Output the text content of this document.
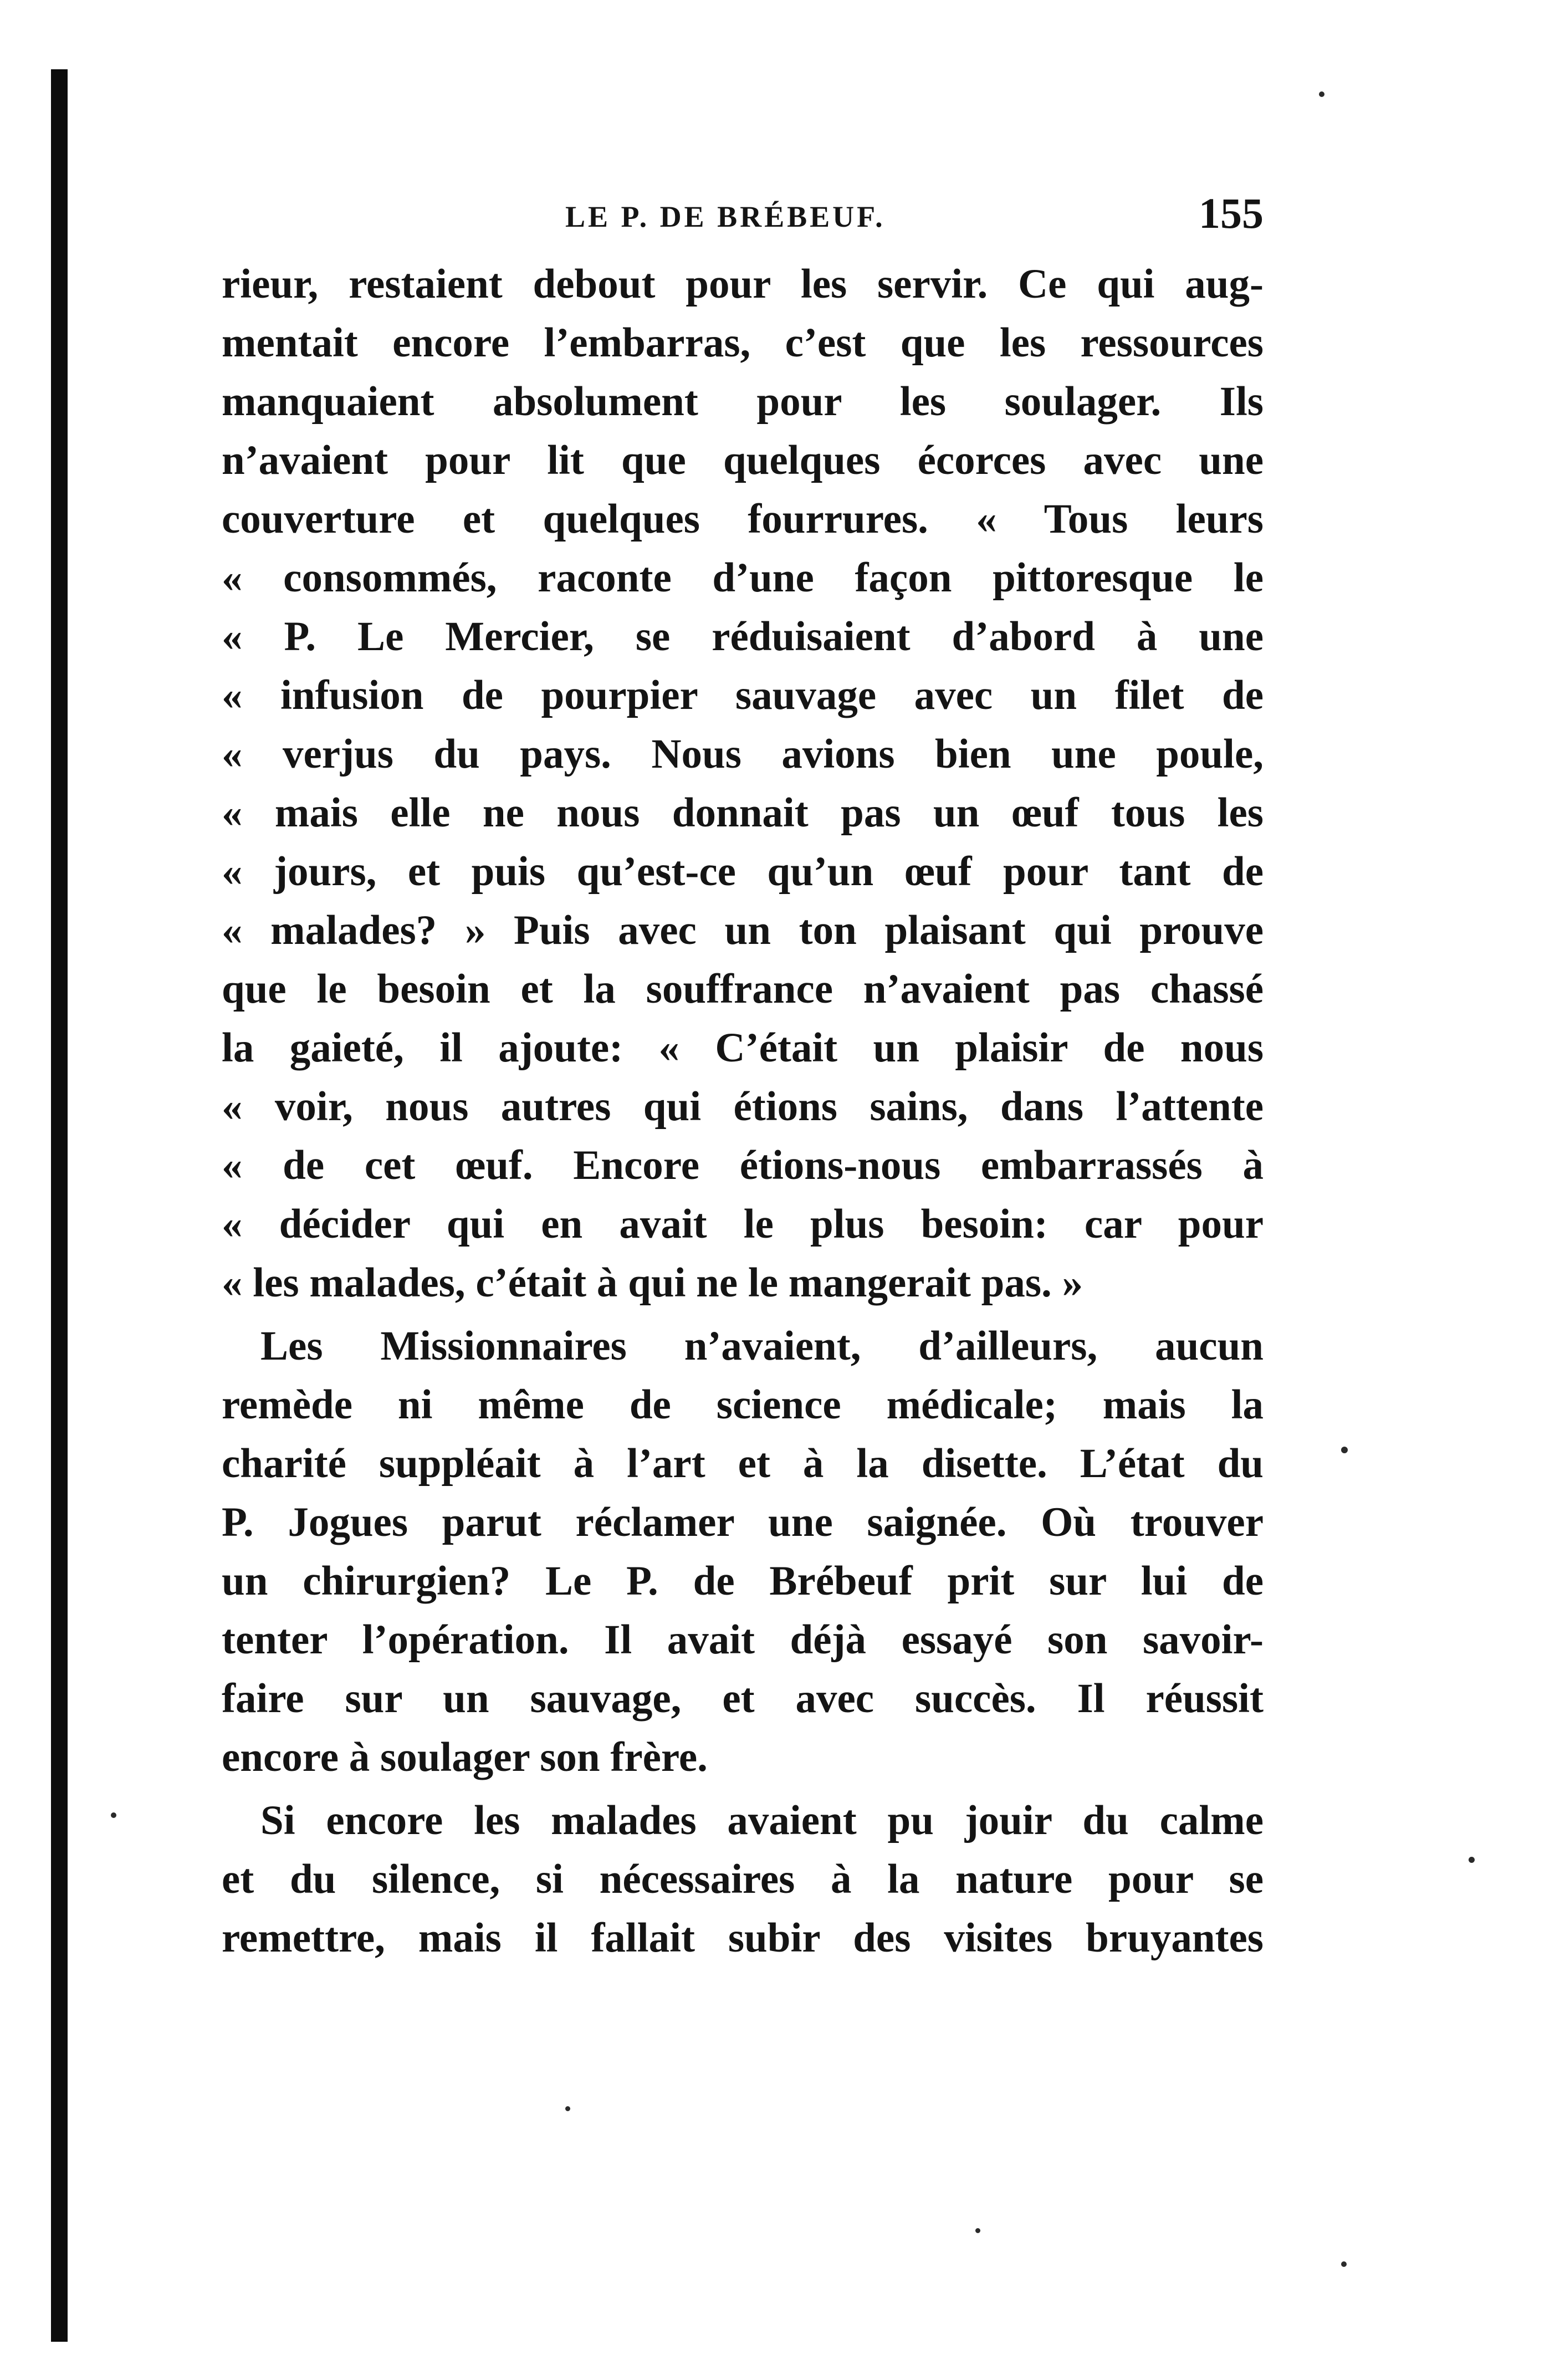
LE P. DE BRÉBEUF.	155
rieur, restaient debout pour les servir. Ce qui aug-
mentait encore l’embarras, c’est que les ressources
manquaient absolument pour les soulager. Ils
n’avaient pour lit que quelques écorces avec une
couverture et quelques fourrures. « Tous leurs
« consommés, raconte d’une façon pittoresque le
« P. Le Mercier, se réduisaient d’abord à une
« infusion de pourpier sauvage avec un filet de
« verjus du pays. Nous avions bien une poule,
« mais elle ne nous donnait pas un œuf tous les
« jours, et puis qu’est-ce qu’un œuf pour tant de
« malades? » Puis avec un ton plaisant qui prouve
que le besoin et la souffrance n’avaient pas chassé
la gaieté, il ajoute: « C’était un plaisir de nous
« voir, nous autres qui étions sains, dans l’attente
« de cet œuf. Encore étions-nous embarrassés à
« décider qui en avait le plus besoin: car pour
« les malades, c’était à qui ne le mangerait pas. »
Les Missionnaires n’avaient, d’ailleurs, aucun
remède ni même de science médicale; mais la
charité suppléait à l’art et à la disette. L’état du
P. Jogues parut réclamer une saignée. Où trouver
un chirurgien? Le P. de Brébeuf prit sur lui de
tenter l’opération. Il avait déjà essayé son savoir-
faire sur un sauvage, et avec succès. Il réussit
encore à soulager son frère.
Si encore les malades avaient pu jouir du calme
et du silence, si nécessaires à la nature pour se
remettre, mais il fallait subir des visites bruyantes
